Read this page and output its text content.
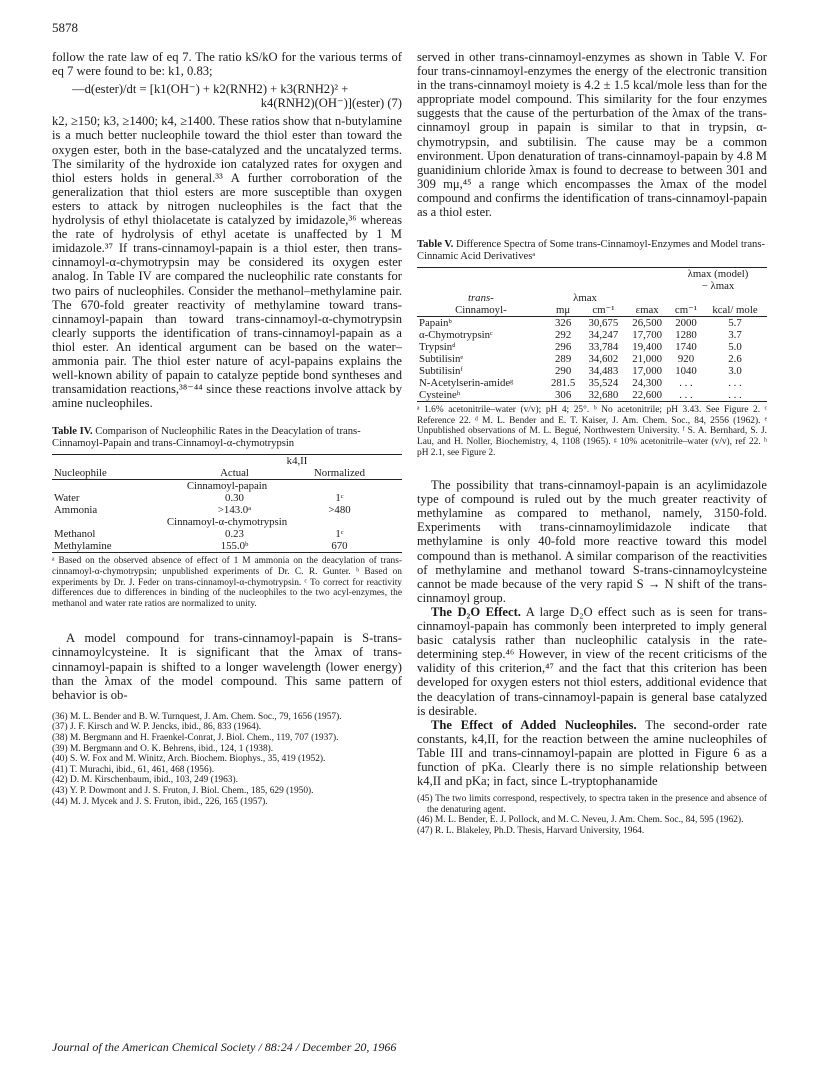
5878

follow the rate law of eq 7. The ratio kS/kO for the various terms of eq 7 were found to be: k1, 0.83;

—d(ester)/dt = [k1(OH⁻) + k2(RNH2) + k3(RNH2)² +
k4(RNH2)(OH⁻)](ester) (7)

k2, ≥150; k3, ≥1400; k4, ≥1400. These ratios show that n-butylamine is a much better nucleophile toward the thiol ester than toward the oxygen ester, both in the base-catalyzed and the uncatalyzed terms. The similarity of the hydroxide ion catalyzed rates for oxygen and thiol esters holds in general.³³ A further corroboration of the generalization that thiol esters are more susceptible than oxygen esters to attack by nitrogen nucleophiles is the fact that the hydrolysis of ethyl thiolacetate is catalyzed by imidazole,³⁶ whereas the rate of hydrolysis of ethyl acetate is unaffected by 1 M imidazole.³⁷ If trans-cinnamoyl-papain is a thiol ester, then trans-cinnamoyl-α-chymotrypsin may be considered its oxygen ester analog. In Table IV are compared the nucleophilic rate constants for two pairs of nucleophiles. Consider the methanol–methylamine pair. The 670-fold greater reactivity of methylamine toward trans-cinnamoyl-papain than toward trans-cinnamoyl-α-chymotrypsin clearly supports the identification of trans-cinnamoyl-papain as a thiol ester. An identical argument can be based on the water–ammonia pair. The thiol ester nature of acyl-papains explains the well-known ability of papain to catalyze peptide bond syntheses and transamidation reactions,³⁸⁻⁴⁴ since these reactions involve attack by amine nucleophiles.

Table IV. Comparison of Nucleophilic Rates in the Deacylation of trans-Cinnamoyl-Papain and trans-Cinnamoyl-α-chymotrypsin

	k4,II	
Nucleophile	Actual	Normalized

Cinnamoyl-papain		
Water	0.30	1ᶜ
Ammonia	>143.0ᵃ	>480
Cinnamoyl-α-chymotrypsin		
Methanol	0.23	1ᶜ
Methylamine	155.0ᵇ	670

ᵃ Based on the observed absence of effect of 1 M ammonia on the deacylation of trans-cinnamoyl-α-chymotrypsin; unpublished experiments of Dr. C. R. Gunter. ᵇ Based on experiments by Dr. J. Feder on trans-cinnamoyl-α-chymotrypsin. ᶜ To correct for reactivity differences due to differences in binding of the nucleophiles to the two acyl-enzymes, the methanol and water rate ratios are normalized to unity.

A model compound for trans-cinnamoyl-papain is S-trans-cinnamoylcysteine. It is significant that the λmax of trans-cinnamoyl-papain is shifted to a longer wavelength (lower energy) than the λmax of the model compound. This same pattern of behavior is ob-

(36) M. L. Bender and B. W. Turnquest, J. Am. Chem. Soc., 79, 1656 (1957).
(37) J. F. Kirsch and W. P. Jencks, ibid., 86, 833 (1964).
(38) M. Bergmann and H. Fraenkel-Conrat, J. Biol. Chem., 119, 707 (1937).
(39) M. Bergmann and O. K. Behrens, ibid., 124, 1 (1938).
(40) S. W. Fox and M. Winitz, Arch. Biochem. Biophys., 35, 419 (1952).
(41) T. Murachi, ibid., 61, 461, 468 (1956).
(42) D. M. Kirschenbaum, ibid., 103, 249 (1963).
(43) Y. P. Dowmont and J. S. Fruton, J. Biol. Chem., 185, 629 (1950).
(44) M. J. Mycek and J. S. Fruton, ibid., 226, 165 (1957).

served in other trans-cinnamoyl-enzymes as shown in Table V. For four trans-cinnamoyl-enzymes the energy of the electronic transition in the trans-cinnamoyl moiety is 4.2 ± 1.5 kcal/mole less than for the appropriate model compound. This similarity for the four enzymes suggests that the cause of the perturbation of the λmax of the trans-cinnamoyl group in papain is similar to that in trypsin, α-chymotrypsin, and subtilisin. The cause may be a common environment. Upon denaturation of trans-cinnamoyl-papain by 4.8 M guanidinium chloride λmax is found to decrease to between 301 and 309 mμ,⁴⁵ a range which encompasses the λmax of the model compound and confirms the identification of trans-cinnamoyl-papain as a thiol ester.

Table V. Difference Spectra of Some trans-Cinnamoyl-Enzymes and Model trans-Cinnamic Acid Derivativesᵃ

				λmax (model)	
				− λmax	
trans-	λmax				
Cinnamoyl-	mμ	cm⁻¹	εmax	cm⁻¹	kcal/ mole

Papainᵇ	326	30,675	26,500	2000	5.7
α-Chymotrypsinᶜ	292	34,247	17,700	1280	3.7
Trypsinᵈ	296	33,784	19,400	1740	5.0
Subtilisinᵉ	289	34,602	21,000	920	2.6
Subtilisinᶠ	290	34,483	17,000	1040	3.0
N-Acetylserin-amideᵍ	281.5	35,524	24,300	. . .	. . .
Cysteineʰ	306	32,680	22,600	. . .	. . .

ᵃ 1.6% acetonitrile–water (v/v); pH 4; 25°. ᵇ No acetonitrile; pH 3.43. See Figure 2. ᶜ Reference 22. ᵈ M. L. Bender and E. T. Kaiser, J. Am. Chem. Soc., 84, 2556 (1962). ᵉ Unpublished observations of M. L. Begué, Northwestern University. ᶠ S. A. Bernhard, S. J. Lau, and H. Noller, Biochemistry, 4, 1108 (1965). ᵍ 10% acetonitrile–water (v/v), ref 22. ʰ pH 2.1, see Figure 2.

The possibility that trans-cinnamoyl-papain is an acylimidazole type of compound is ruled out by the much greater reactivity of methylamine as compared to methanol, namely, 3150-fold. Experiments with trans-cinnamoylimidazole indicate that methylamine is only 40-fold more reactive toward this model compound than is methanol. A similar comparison of the reactivities of methylamine and methanol toward S-trans-cinnamoylcysteine cannot be made because of the very rapid S → N shift of the trans-cinnamoyl group.

The D₂O Effect. A large D₂O effect such as is seen for trans-cinnamoyl-papain has commonly been interpreted to imply general basic catalysis rather than nucleophilic catalysis in the rate-determining step.⁴⁶ However, in view of the recent criticisms of the validity of this criterion,⁴⁷ and the fact that this criterion has been developed for oxygen esters not thiol esters, additional evidence that the deacylation of trans-cinnamoyl-papain is general base catalyzed is desirable.

The Effect of Added Nucleophiles. The second-order rate constants, k4,II, for the reaction between the amine nucleophiles of Table III and trans-cinnamoyl-papain are plotted in Figure 6 as a function of pKa. Clearly there is no simple relationship between k4,II and pKa; in fact, since L-tryptophanamide

(45) The two limits correspond, respectively, to spectra taken in the presence and absence of the denaturing agent.
(46) M. L. Bender, E. J. Pollock, and M. C. Neveu, J. Am. Chem. Soc., 84, 595 (1962).
(47) R. L. Blakeley, Ph.D. Thesis, Harvard University, 1964.
Journal of the American Chemical Society / 88:24 / December 20, 1966
